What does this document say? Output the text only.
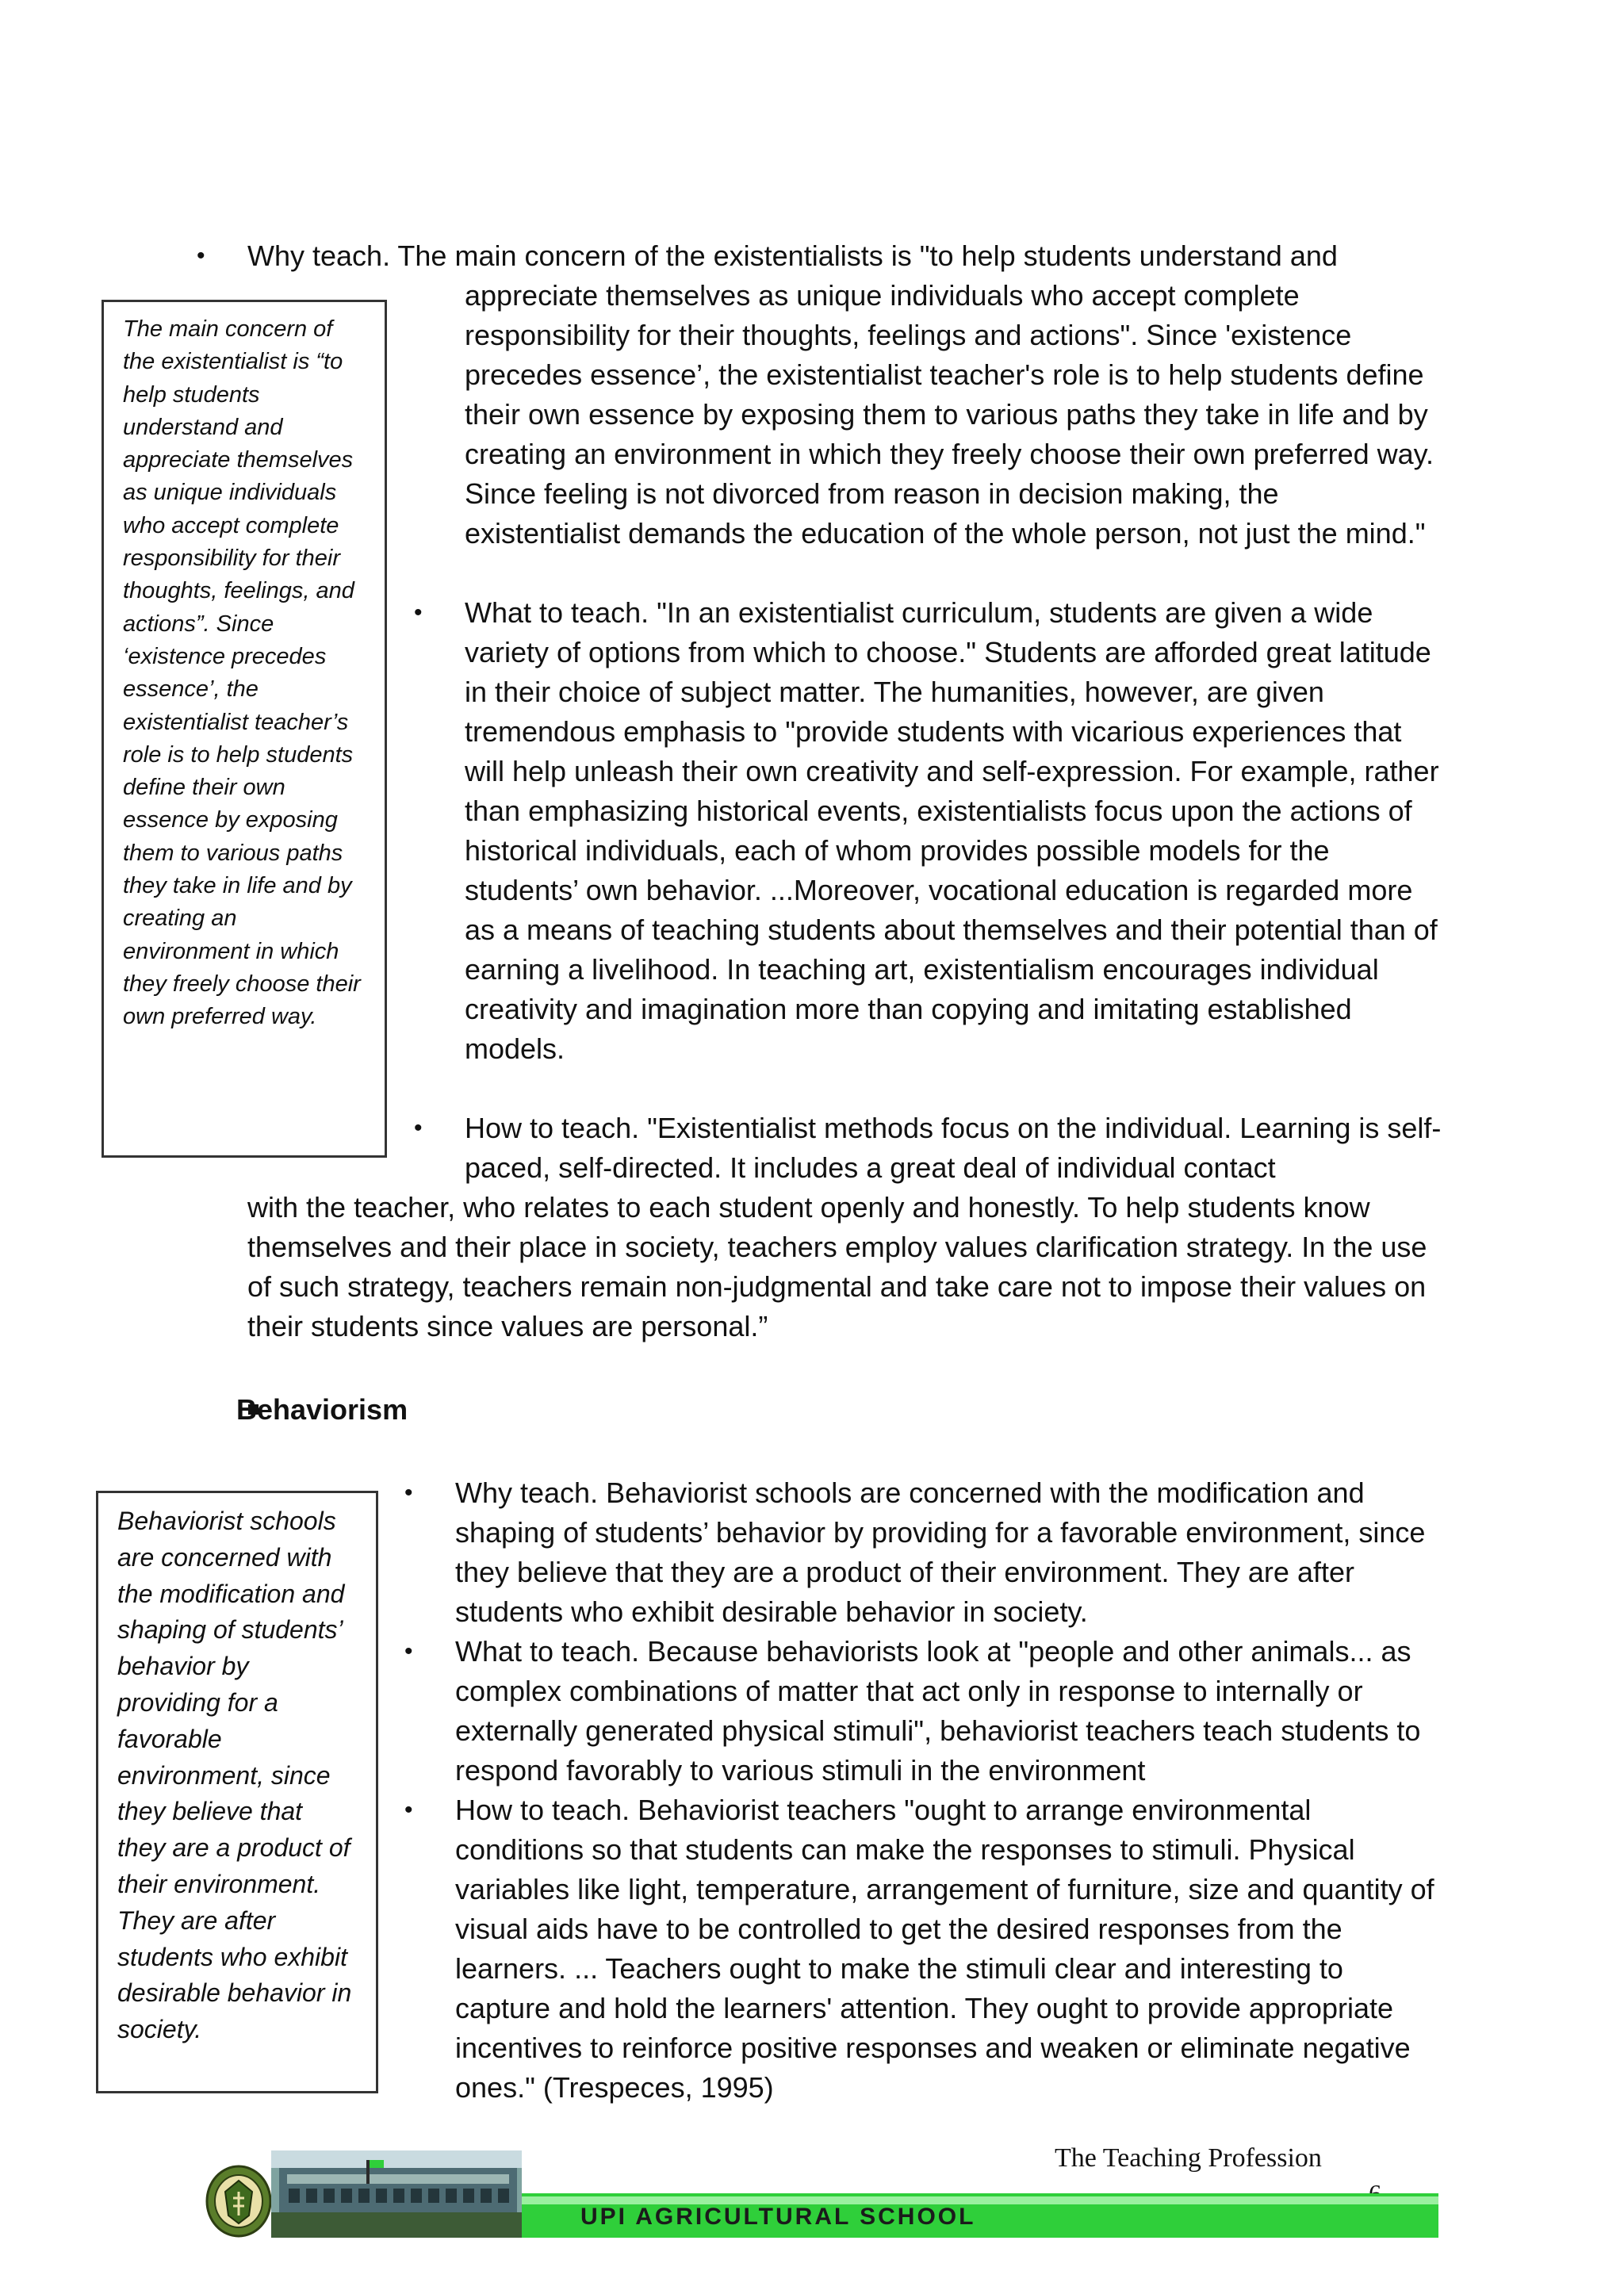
• Why teach. The main concern of the existentialists is "to help students understand and

appreciate themselves as unique individuals who accept complete responsibility for their thoughts, feelings and actions". Since 'existence precedes essence’, the existentialist teacher's role is to help students define their own essence by exposing them to various paths they take in life and by creating an environment in which they freely choose their own preferred way. Since feeling is not divorced from reason in decision making, the existentialist demands the education of the whole person, not just the mind."

The main concern of the existentialist is “to help students understand and appreciate themselves as unique individuals who accept complete responsibility for their thoughts, feelings, and actions”. Since ‘existence precedes essence’, the existentialist teacher’s role is to help students define their own essence by exposing them to various paths they take in life and by creating an environment in which they freely choose their own preferred way.

• What to teach. "In an existentialist curriculum, students are given a wide variety of options from which to choose." Students are afforded great latitude in their choice of subject matter. The humanities, however, are given tremendous emphasis to "provide students with vicarious experiences that will help unleash their own creativity and self-expression. For example, rather than emphasizing historical events, existentialists focus upon the actions of historical individuals, each of whom provides possible models for the students’ own behavior. ...Moreover, vocational education is regarded more as a means of teaching students about themselves and their potential than of earning a livelihood. In teaching art, existentialism encourages individual creativity and imagination more than copying and imitating established models.

• How to teach. "Existentialist methods focus on the individual. Learning is self-paced, self-directed. It includes a great deal of individual contact

with the teacher, who relates to each student openly and honestly. To help students know themselves and their place in society, teachers employ values clarification strategy. In the use of such strategy, teachers remain non-judgmental and take care not to impose their values on their students since values are personal.”

Behaviorism

Behaviorist schools are concerned with the modification and shaping of students’ behavior by providing for a favorable environment, since they believe that they are a product of their environment. They are after students who exhibit desirable behavior in society.

• Why teach. Behaviorist schools are concerned with the modification and shaping of students’ behavior by providing for a favorable environment, since they believe that they are a product of their environment. They are after students who exhibit desirable behavior in society.

• What to teach. Because behaviorists look at "people and other animals... as complex combinations of matter that act only in response to internally or externally generated physical stimuli", behaviorist teachers teach students to respond favorably to various stimuli in the environment

• How to teach. Behaviorist teachers "ought to arrange environmental conditions so that students can make the responses to stimuli. Physical variables like light, temperature, arrangement of furniture, size and quantity of visual aids have to be controlled to get the desired responses from the learners. ... Teachers ought to make the stimuli clear and interesting to capture and hold the learners' attention. They ought to provide appropriate incentives to reinforce positive responses and weaken or eliminate negative ones." (Trespeces, 1995)

The Teaching Profession
UPI AGRICULTURAL SCHOOL
